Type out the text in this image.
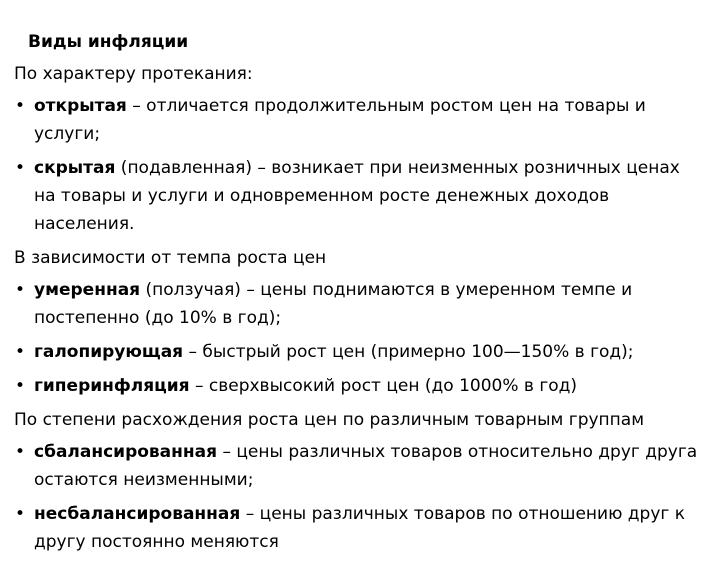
Виды инфляции
По характеру протекания:
• открытая – отличается продолжительным ростом цен на товары и услуги;
• скрытая (подавленная) – возникает при неизменных розничных ценах на товары и услуги и одновременном росте денежных доходов населения.
В зависимости от темпа роста цен
• умеренная (ползучая) – цены поднимаются в умеренном темпе и постепенно (до 10% в год);
• галопирующая – быстрый рост цен (примерно 100—150% в год);
• гиперинфляция – сверхвысокий рост цен (до 1000% в год)
По степени расхождения роста цен по различным товарным группам
• сбалансированная – цены различных товаров относительно друг друга остаются неизменными;
• несбалансированная – цены различных товаров по отношению друг к другу постоянно меняются
